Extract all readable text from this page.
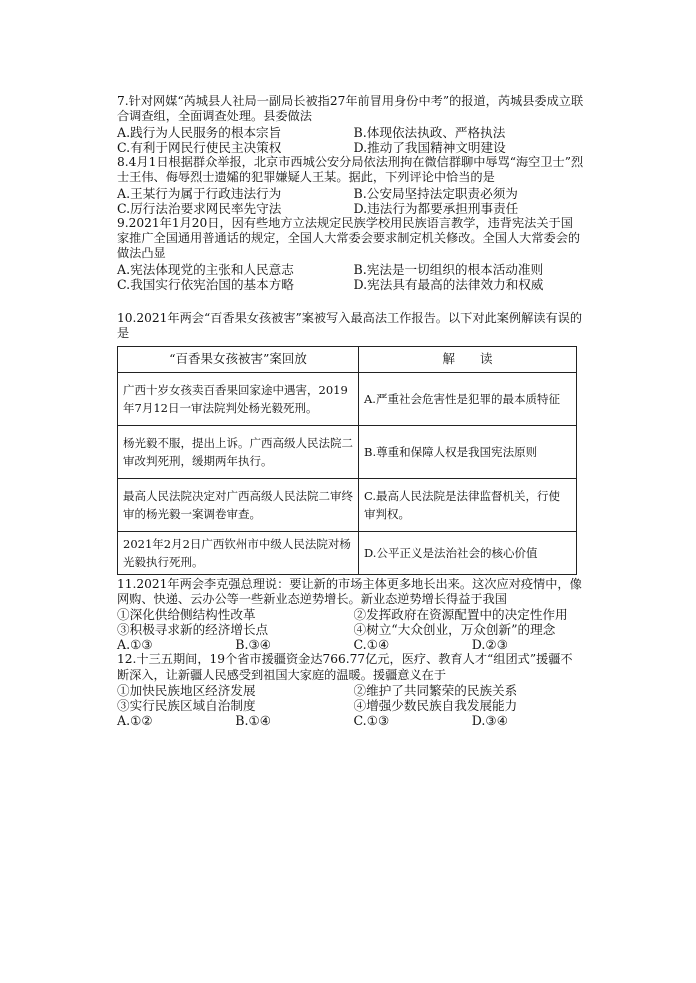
7.针对网媒“芮城县人社局一副局长被指27年前冒用身份中考”的报道，芮城县委成立联合调查组，全面调查处理。县委做法

A.践行为人民服务的根本宗旨	B.体现依法执政、严格执法
C.有利于网民行使民主决策权	D.推动了我国精神文明建设

8.4月1日根据群众举报，北京市西城公安分局依法刑拘在微信群聊中辱骂“海空卫士”烈士王伟、侮辱烈士遗孀的犯罪嫌疑人王某。据此，下列评论中恰当的是

A.王某行为属于行政违法行为	B.公安局坚持法定职责必须为
C.厉行法治要求网民率先守法	D.违法行为都要承担刑事责任

9.2021年1月20日，因有些地方立法规定民族学校用民族语言教学，违背宪法关于国家推广全国通用普通话的规定，全国人大常委会要求制定机关修改。全国人大常委会的做法凸显

A.宪法体现党的主张和人民意志	B.宪法是一切组织的根本活动准则
C.我国实行依宪治国的基本方略	D.宪法具有最高的法律效力和权威

10.2021年两会“百香果女孩被害”案被写入最高法工作报告。以下对此案例解读有误的是

“百香果女孩被害”案回放	解　　读
广西十岁女孩卖百香果回家途中遇害，2019年7月12日一审法院判处杨光毅死刑。	A.严重社会危害性是犯罪的最本质特征
杨光毅不服，提出上诉。广西高级人民法院二审改判死刑，缓期两年执行。	B.尊重和保障人权是我国宪法原则
最高人民法院决定对广西高级人民法院二审终审的杨光毅一案调卷审查。	C.最高人民法院是法律监督机关，行使审判权。
2021年2月2日广西钦州市中级人民法院对杨光毅执行死刑。	D.公平正义是法治社会的核心价值

11.2021年两会李克强总理说：要让新的市场主体更多地长出来。这次应对疫情中，像网购、快递、云办公等一些新业态逆势增长。新业态逆势增长得益于我国

①深化供给侧结构性改革	②发挥政府在资源配置中的决定性作用
③积极寻求新的经济增长点	④树立“大众创业，万众创新”的理念
A.①③	B.③④	C.①④	D.②③

12.十三五期间，19个省市援疆资金达766.77亿元，医疗、教育人才“组团式”援疆不断深入，让新疆人民感受到祖国大家庭的温暖。援疆意义在于

①加快民族地区经济发展	②维护了共同繁荣的民族关系
③实行民族区域自治制度	④增强少数民族自我发展能力
A.①②	B.①④	C.①③	D.③④
